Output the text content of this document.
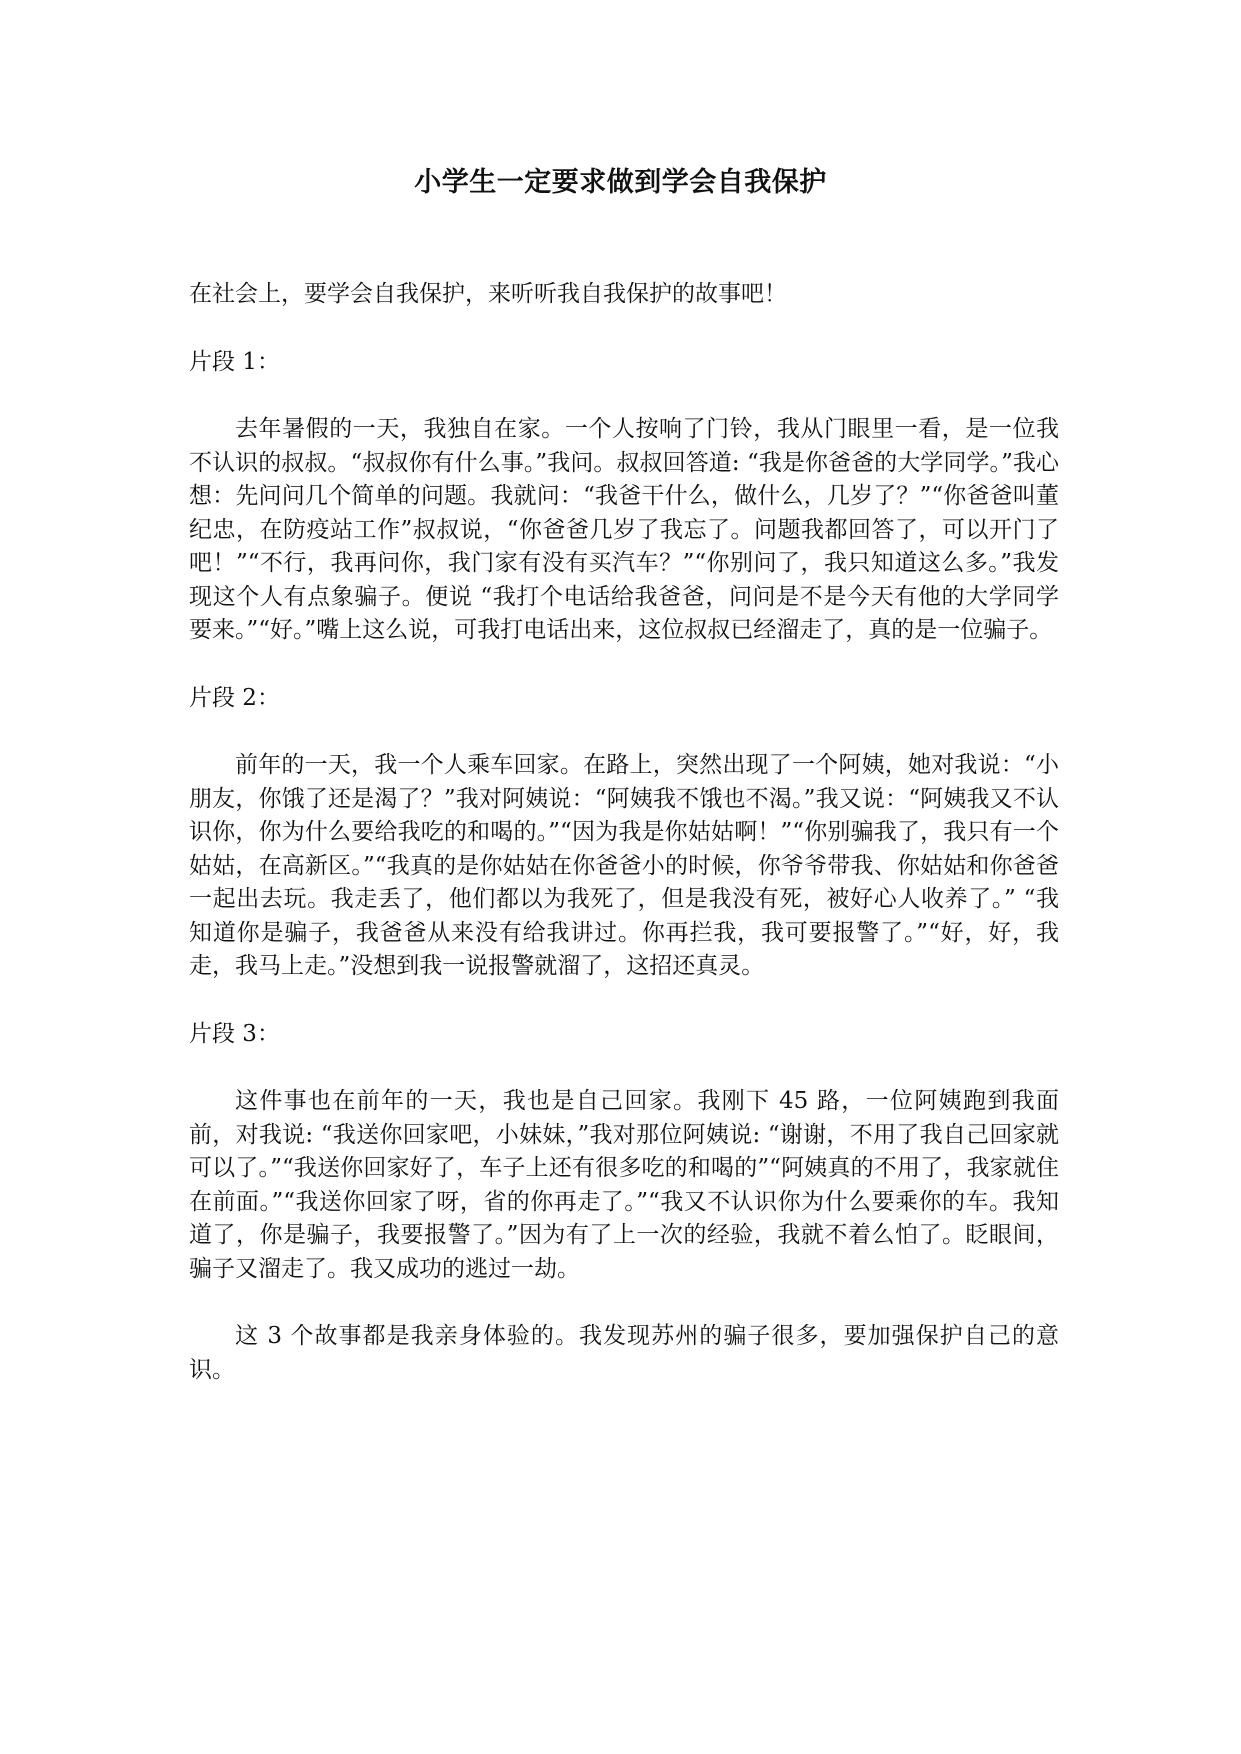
小学生一定要求做到学会自我保护

在社会上，要学会自我保护，来听听我自我保护的故事吧！

片段 1：

去年暑假的一天，我独自在家。一个人按响了门铃，我从门眼里一看，是一位我不认识的叔叔。“叔叔你有什么事。”我问。叔叔回答道: “我是你爸爸的大学同学。”我心想：先问问几个简单的问题。我就问：“我爸干什么，做什么，几岁了？”“你爸爸叫董纪忠，在防疫站工作”叔叔说，“你爸爸几岁了我忘了。问题我都回答了，可以开门了吧！”“不行，我再问你，我门家有没有买汽车？”“你别问了，我只知道这么多。”我发现这个人有点象骗子。便说 “我打个电话给我爸爸，问问是不是今天有他的大学同学要来。”“好。”嘴上这么说，可我打电话出来，这位叔叔已经溜走了，真的是一位骗子。

片段 2：

前年的一天，我一个人乘车回家。在路上，突然出现了一个阿姨，她对我说：“小朋友，你饿了还是渴了？”我对阿姨说：“阿姨我不饿也不渴。”我又说：“阿姨我又不认识你，你为什么要给我吃的和喝的。”“因为我是你姑姑啊！”“你别骗我了，我只有一个姑姑，在高新区。”“我真的是你姑姑在你爸爸小的时候，你爷爷带我、你姑姑和你爸爸一起出去玩。我走丢了，他们都以为我死了，但是我没有死，被好心人收养了。” “我知道你是骗子，我爸爸从来没有给我讲过。你再拦我，我可要报警了。”“好，好，我走，我马上走。”没想到我一说报警就溜了，这招还真灵。

片段 3：

这件事也在前年的一天，我也是自己回家。我刚下 45 路，一位阿姨跑到我面前，对我说: “我送你回家吧，小妹妹，”我对那位阿姨说: “谢谢，不用了我自己回家就可以了。”“我送你回家好了，车子上还有很多吃的和喝的”“阿姨真的不用了，我家就住在前面。”“我送你回家了呀，省的你再走了。”“我又不认识你为什么要乘你的车。我知道了，你是骗子，我要报警了。”因为有了上一次的经验，我就不着么怕了。眨眼间，骗子又溜走了。我又成功的逃过一劫。

这 3 个故事都是我亲身体验的。我发现苏州的骗子很多，要加强保护自己的意识。
